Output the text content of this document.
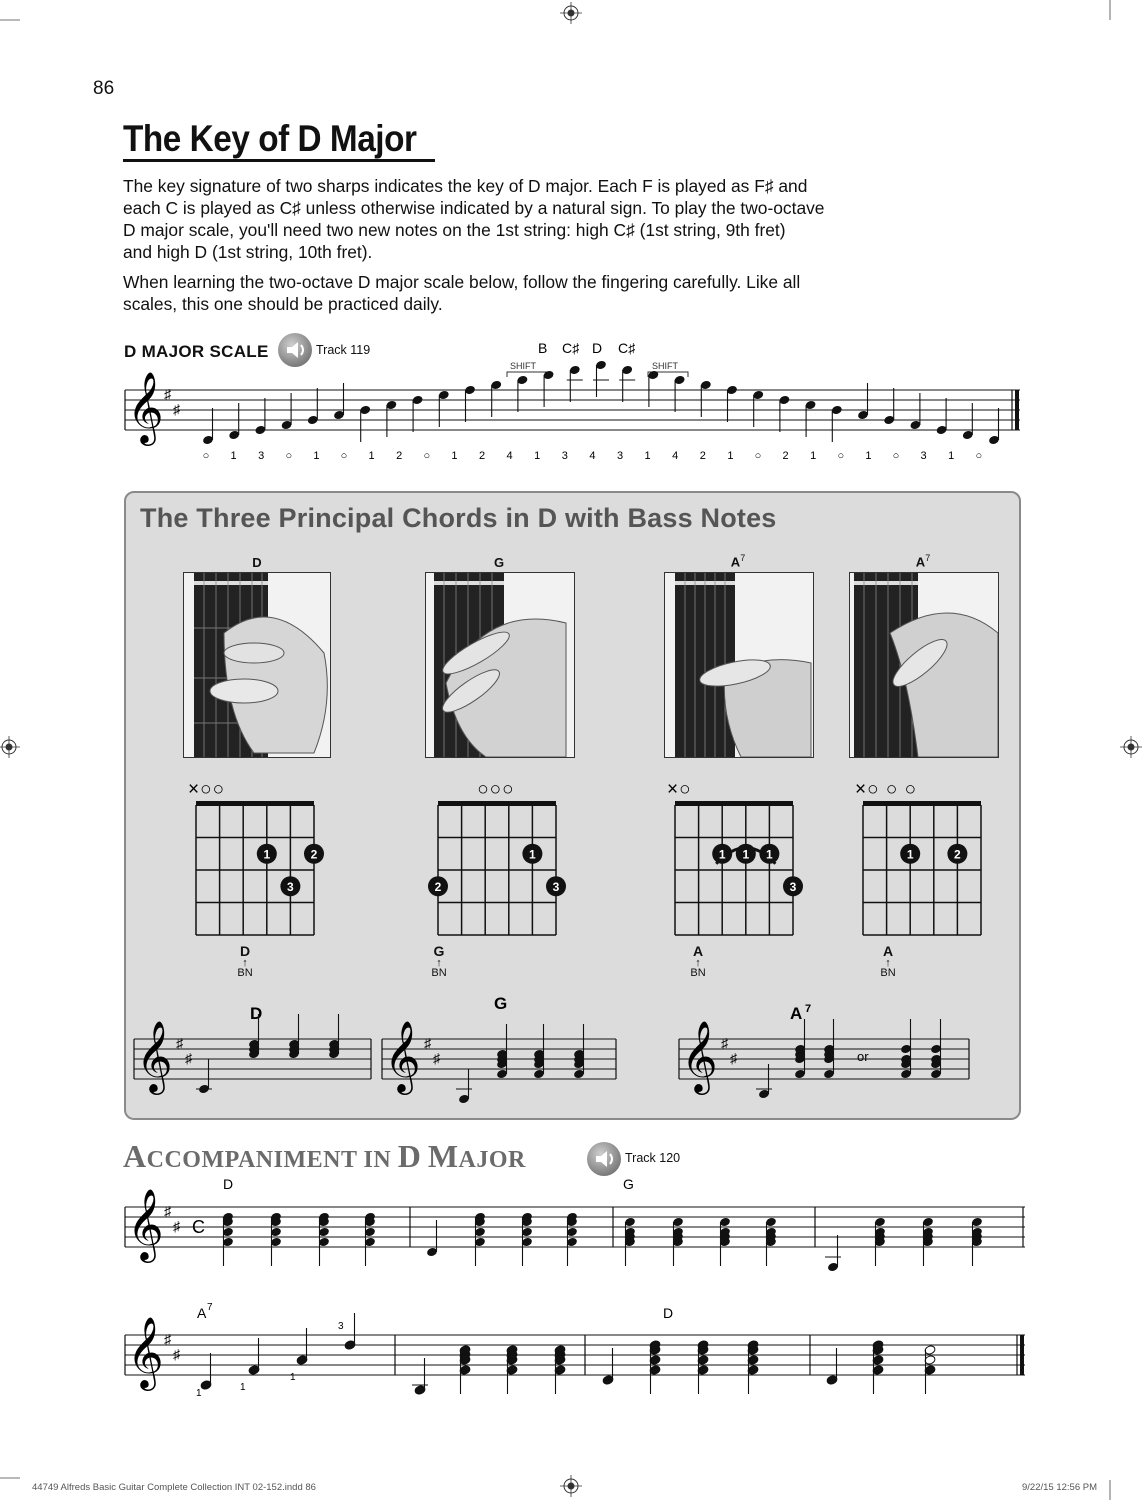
86
The Key of D Major
The key signature of two sharps indicates the key of D major. Each F is played as F♯ and
each C is played as C♯ unless otherwise indicated by a natural sign. To play the two-octave
D major scale, you'll need two new notes on the 1st string: high C♯ (1st string, 9th fret)
and high D (1st string, 10th fret).
When learning the two-octave D major scale below, follow the fingering carefully. Like all
scales, this one should be practiced daily.
D MAJOR SCALE	Track 119	B C♯ D C♯
SHIFT	SHIFT
𝄞 ♯
♯
○ 1 3 ○ 1 ○ 1 2 ○ 1 2 4 1 3 4 3 1 4 2 1 ○ 2 1 ○ 1 ○ 3 1 ○
The Three Principal Chords in D with Bass Notes
D	G	$A^7$	$A^7$
×○○
1	2
3
○○○
1
2	3
×○
1 1 1
3
×○ ○ ○
1	2
D
↑
BN
G
↑
BN
A
↑
BN
A
↑
BN
D
G
A 7
or
𝄞 ♯
♯	𝄞 ♯
♯	𝄞 ♯
♯
ACCOMPANIMENT IN D MAJOR	Track 120
D	G
A 7	D
1
1
1
3
𝄞 ♯
♯ C
𝄞 ♯
♯
44749 Alfreds Basic Guitar Complete Collection INT 02-152.indd 86	9/22/15 12:56 PM
